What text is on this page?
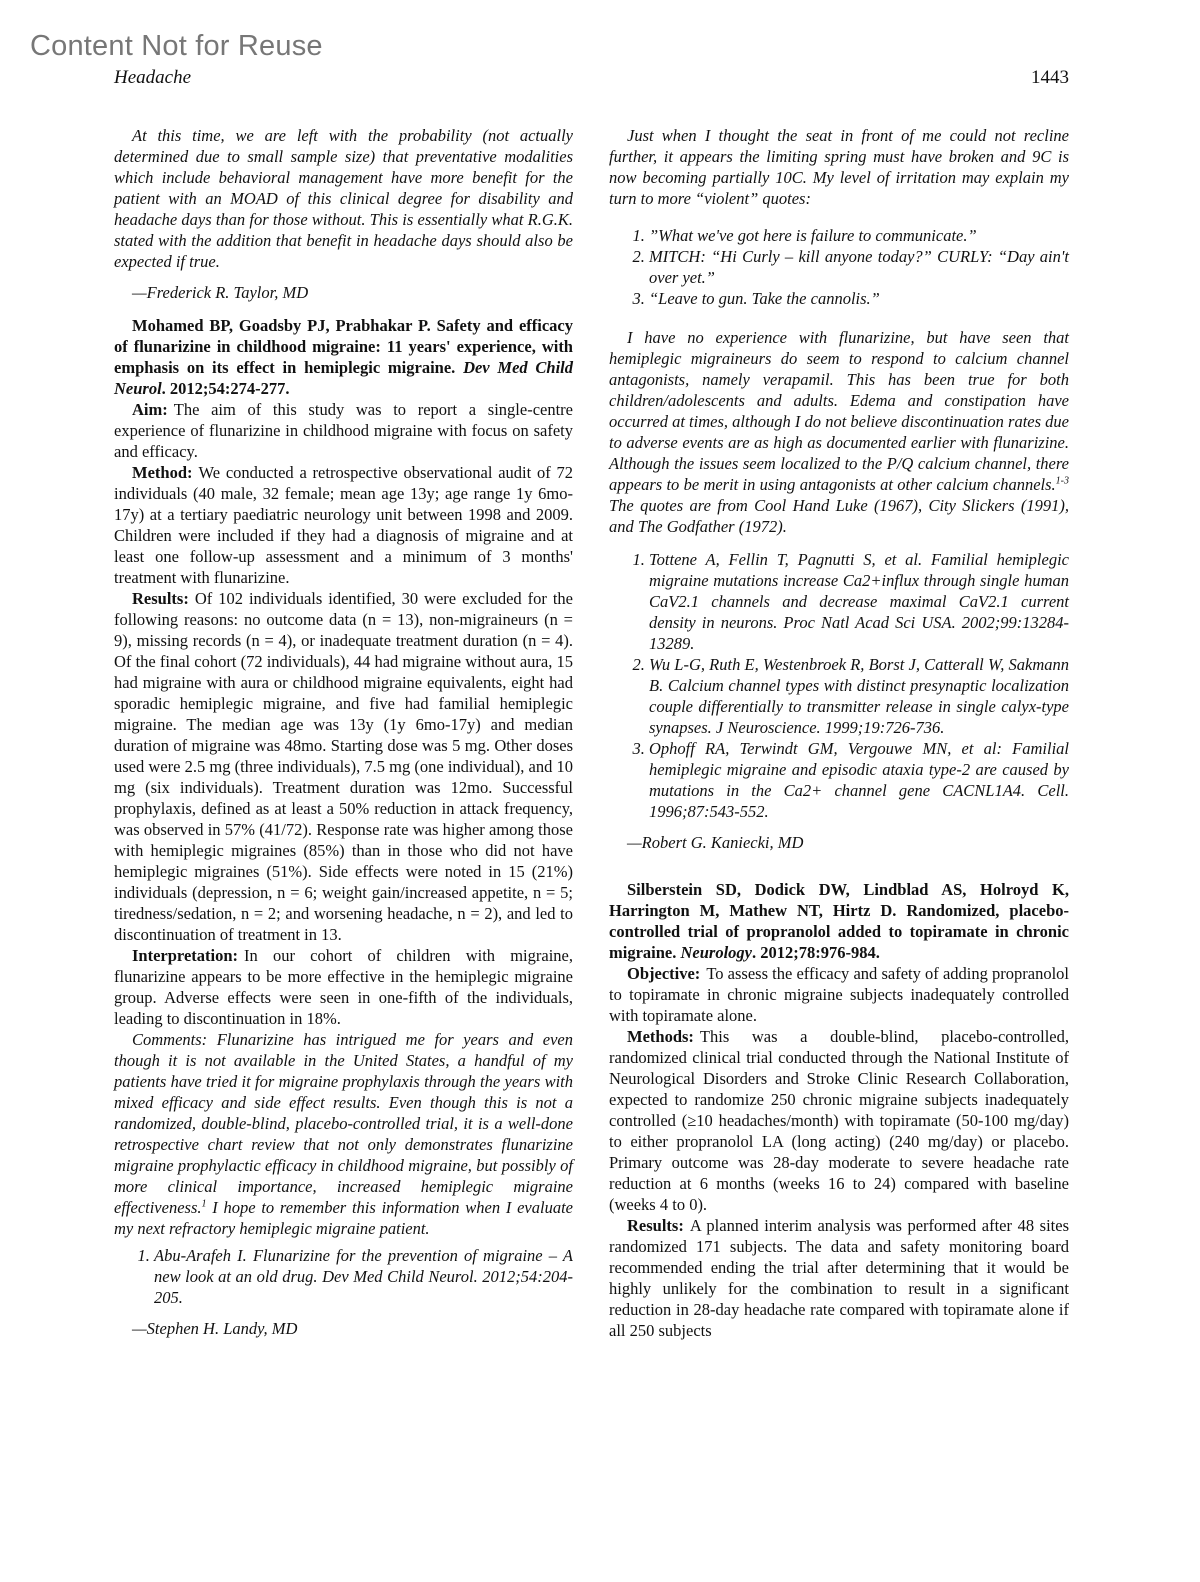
Content Not for Reuse
Headache	1443

At this time, we are left with the probability (not actually determined due to small sample size) that preventative modalities which include behavioral management have more benefit for the patient with an MOAD of this clinical degree for disability and headache days than for those without. This is essentially what R.G.K. stated with the addition that benefit in headache days should also be expected if true.

—Frederick R. Taylor, MD

Mohamed BP, Goadsby PJ, Prabhakar P. Safety and efficacy of flunarizine in childhood migraine: 11 years' experience, with emphasis on its effect in hemiplegic migraine. Dev Med Child Neurol. 2012;54:274-277.

Aim: The aim of this study was to report a single-centre experience of flunarizine in childhood migraine with focus on safety and efficacy.

Method: We conducted a retrospective observational audit of 72 individuals (40 male, 32 female; mean age 13y; age range 1y 6mo-17y) at a tertiary paediatric neurology unit between 1998 and 2009. Children were included if they had a diagnosis of migraine and at least one follow-up assessment and a minimum of 3 months' treatment with flunarizine.

Results: Of 102 individuals identified, 30 were excluded for the following reasons: no outcome data (n = 13), non-migraineurs (n = 9), missing records (n = 4), or inadequate treatment duration (n = 4). Of the final cohort (72 individuals), 44 had migraine without aura, 15 had migraine with aura or childhood migraine equivalents, eight had sporadic hemiplegic migraine, and five had familial hemiplegic migraine. The median age was 13y (1y 6mo-17y) and median duration of migraine was 48mo. Starting dose was 5 mg. Other doses used were 2.5 mg (three individuals), 7.5 mg (one individual), and 10 mg (six individuals). Treatment duration was 12mo. Successful prophylaxis, defined as at least a 50% reduction in attack frequency, was observed in 57% (41/72). Response rate was higher among those with hemiplegic migraines (85%) than in those who did not have hemiplegic migraines (51%). Side effects were noted in 15 (21%) individuals (depression, n = 6; weight gain/increased appetite, n = 5; tiredness/sedation, n = 2; and worsening headache, n = 2), and led to discontinuation of treatment in 13.

Interpretation: In our cohort of children with migraine, flunarizine appears to be more effective in the hemiplegic migraine group. Adverse effects were seen in one-fifth of the individuals, leading to discontinuation in 18%.

Comments: Flunarizine has intrigued me for years and even though it is not available in the United States, a handful of my patients have tried it for migraine prophylaxis through the years with mixed efficacy and side effect results. Even though this is not a randomized, double-blind, placebo-controlled trial, it is a well-done retrospective chart review that not only demonstrates flunarizine migraine prophylactic efficacy in childhood migraine, but possibly of more clinical importance, increased hemiplegic migraine effectiveness.$^1$ I hope to remember this information when I evaluate my next refractory hemiplegic migraine patient.

1. Abu-Arafeh I. Flunarizine for the prevention of migraine – A new look at an old drug. Dev Med Child Neurol. 2012;54:204-205.

—Stephen H. Landy, MD

Just when I thought the seat in front of me could not recline further, it appears the limiting spring must have broken and 9C is now becoming partially 10C. My level of irritation may explain my turn to more “violent” quotes:

1. ”What we've got here is failure to communicate.”
2. MITCH: “Hi Curly – kill anyone today?” CURLY: “Day ain't over yet.”
3. “Leave to gun. Take the cannolis.”

I have no experience with flunarizine, but have seen that hemiplegic migraineurs do seem to respond to calcium channel antagonists, namely verapamil. This has been true for both children/adolescents and adults. Edema and constipation have occurred at times, although I do not believe discontinuation rates due to adverse events are as high as documented earlier with flunarizine. Although the issues seem localized to the P/Q calcium channel, there appears to be merit in using antagonists at other calcium channels.$^{1-3}$ The quotes are from Cool Hand Luke (1967), City Slickers (1991), and The Godfather (1972).

1. Tottene A, Fellin T, Pagnutti S, et al. Familial hemiplegic migraine mutations increase Ca2+influx through single human CaV2.1 channels and decrease maximal CaV2.1 current density in neurons. Proc Natl Acad Sci USA. 2002;99:13284-13289.
2. Wu L-G, Ruth E, Westenbroek R, Borst J, Catterall W, Sakmann B. Calcium channel types with distinct presynaptic localization couple differentially to transmitter release in single calyx-type synapses. J Neuroscience. 1999;19:726-736.
3. Ophoff RA, Terwindt GM, Vergouwe MN, et al: Familial hemiplegic migraine and episodic ataxia type-2 are caused by mutations in the Ca2+ channel gene CACNL1A4. Cell. 1996;87:543-552.

—Robert G. Kaniecki, MD

Silberstein SD, Dodick DW, Lindblad AS, Holroyd K, Harrington M, Mathew NT, Hirtz D. Randomized, placebo-controlled trial of propranolol added to topiramate in chronic migraine. Neurology. 2012;78:976-984.

Objective: To assess the efficacy and safety of adding propranolol to topiramate in chronic migraine subjects inadequately controlled with topiramate alone.

Methods: This was a double-blind, placebo-controlled, randomized clinical trial conducted through the National Institute of Neurological Disorders and Stroke Clinic Research Collaboration, expected to randomize 250 chronic migraine subjects inadequately controlled (≥10 headaches/month) with topiramate (50-100 mg/day) to either propranolol LA (long acting) (240 mg/day) or placebo. Primary outcome was 28-day moderate to severe headache rate reduction at 6 months (weeks 16 to 24) compared with baseline (weeks 4 to 0).

Results: A planned interim analysis was performed after 48 sites randomized 171 subjects. The data and safety monitoring board recommended ending the trial after determining that it would be highly unlikely for the combination to result in a significant reduction in 28-day headache rate compared with topiramate alone if all 250 subjects
